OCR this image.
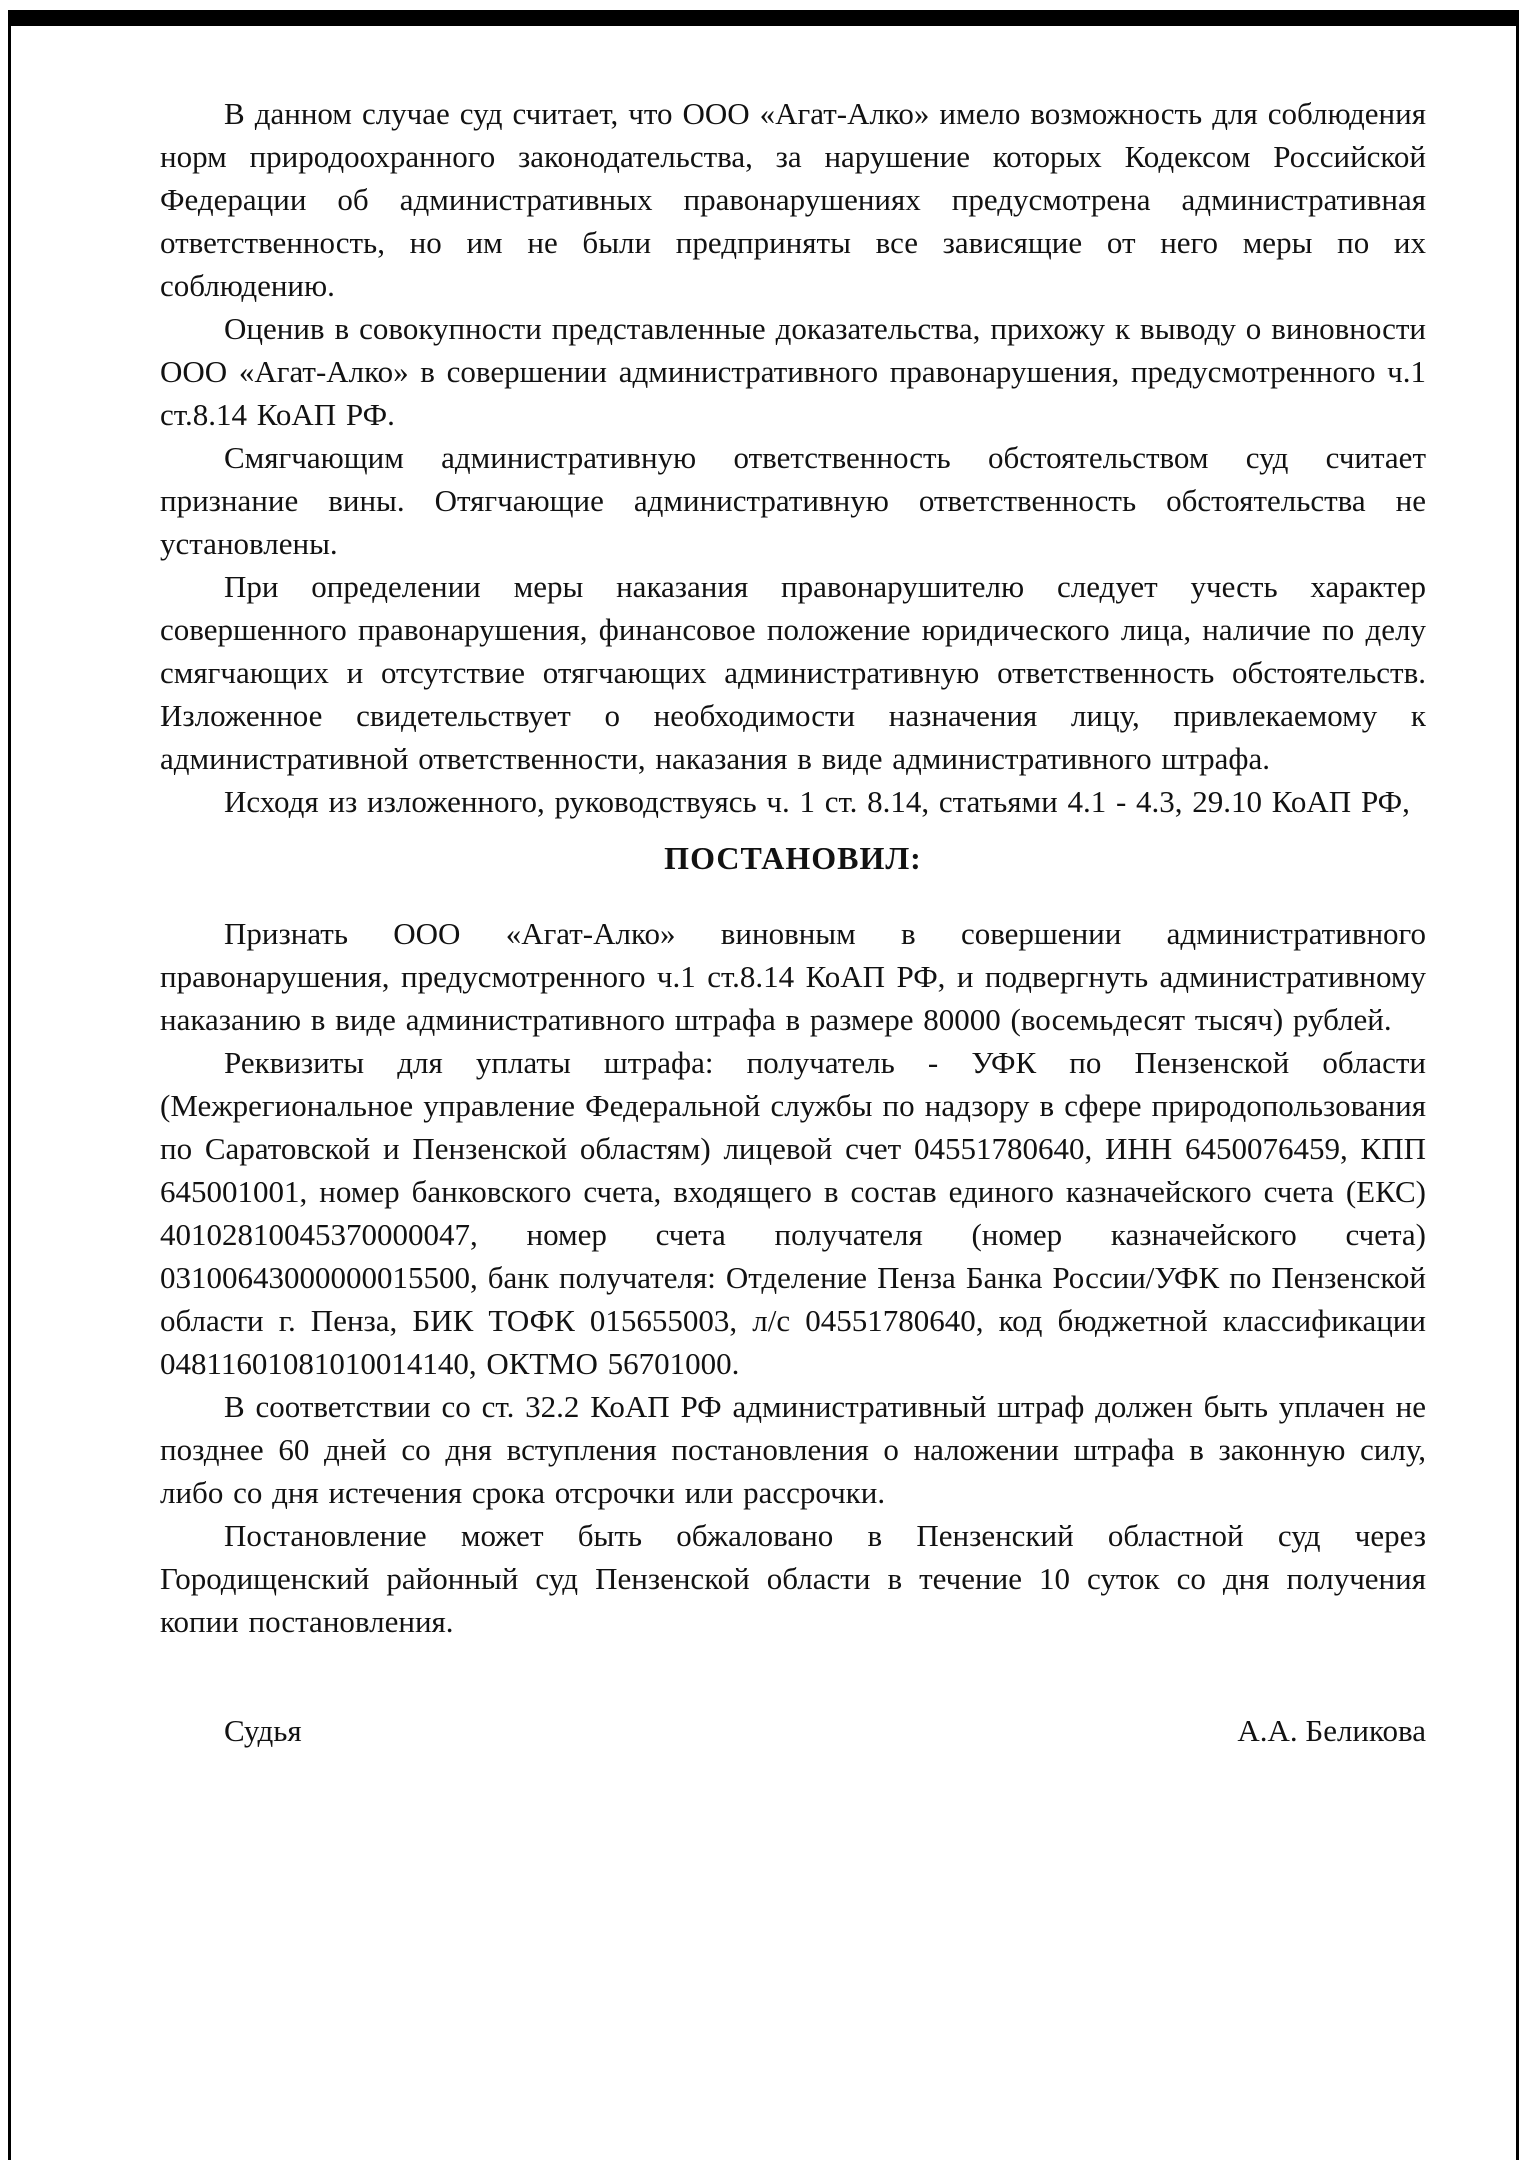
В данном случае суд считает, что ООО «Агат-Алко» имело возможность для соблюдения норм природоохранного законодательства, за нарушение которых Кодексом Российской Федерации об административных правонарушениях предусмотрена административная ответственность, но им не были предприняты все зависящие от него меры по их соблюдению.

Оценив в совокупности представленные доказательства, прихожу к выводу о виновности ООО «Агат-Алко» в совершении административного правонарушения, предусмотренного ч.1 ст.8.14 КоАП РФ.

Смягчающим административную ответственность обстоятельством суд считает признание вины. Отягчающие административную ответственность обстоятельства не установлены.

При определении меры наказания правонарушителю следует учесть характер совершенного правонарушения, финансовое положение юридического лица, наличие по делу смягчающих и отсутствие отягчающих административную ответственность обстоятельств. Изложенное свидетельствует о необходимости назначения лицу, привлекаемому к административной ответственности, наказания в виде административного штрафа.

Исходя из изложенного, руководствуясь ч. 1 ст. 8.14, статьями 4.1 - 4.3, 29.10 КоАП РФ,

ПОСТАНОВИЛ:

Признать ООО «Агат-Алко» виновным в совершении административного правонарушения, предусмотренного ч.1 ст.8.14 КоАП РФ, и подвергнуть административному наказанию в виде административного штрафа в размере 80000 (восемьдесят тысяч) рублей.

Реквизиты для уплаты штрафа: получатель - УФК по Пензенской области (Межрегиональное управление Федеральной службы по надзору в сфере природопользования по Саратовской и Пензенской областям) лицевой счет 04551780640, ИНН 6450076459, КПП 645001001, номер банковского счета, входящего в состав единого казначейского счета (ЕКС) 40102810045370000047, номер счета получателя (номер казначейского счета) 03100643000000015500, банк получателя: Отделение Пенза Банка России/УФК по Пензенской области г. Пенза, БИК ТОФК 015655003, л/с 04551780640, код бюджетной классификации 04811601081010014140, ОКТМО 56701000.

В соответствии со ст. 32.2 КоАП РФ административный штраф должен быть уплачен не позднее 60 дней со дня вступления постановления о наложении штрафа в законную силу, либо со дня истечения срока отсрочки или рассрочки.

Постановление может быть обжаловано в Пензенский областной суд через Городищенский районный суд Пензенской области в течение 10 суток со дня получения копии постановления.

Судья	А.А. Беликова
